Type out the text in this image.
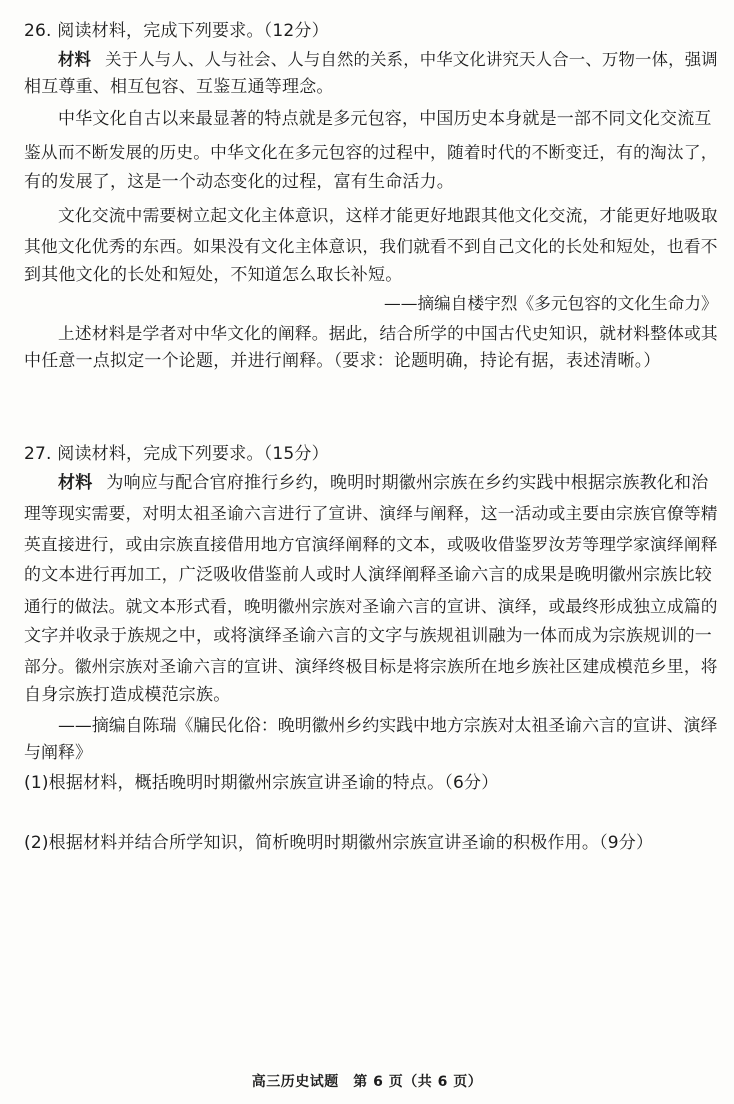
26. 阅读材料，完成下列要求。（12分）
材料 关于人与人、人与社会、人与自然的关系，中华文化讲究天人合一、万物一体，强调
相互尊重、相互包容、互鉴互通等理念。
中华文化自古以来最显著的特点就是多元包容，中国历史本身就是一部不同文化交流互
鉴从而不断发展的历史。中华文化在多元包容的过程中，随着时代的不断变迁，有的淘汰了，
有的发展了，这是一个动态变化的过程，富有生命活力。
文化交流中需要树立起文化主体意识，这样才能更好地跟其他文化交流，才能更好地吸取
其他文化优秀的东西。如果没有文化主体意识，我们就看不到自己文化的长处和短处，也看不
到其他文化的长处和短处，不知道怎么取长补短。
——摘编自楼宇烈《多元包容的文化生命力》
上述材料是学者对中华文化的阐释。据此，结合所学的中国古代史知识，就材料整体或其
中任意一点拟定一个论题，并进行阐释。（要求：论题明确，持论有据，表述清晰。）
27. 阅读材料，完成下列要求。（15分）
材料 为响应与配合官府推行乡约，晚明时期徽州宗族在乡约实践中根据宗族教化和治
理等现实需要，对明太祖圣谕六言进行了宣讲、演绎与阐释，这一活动或主要由宗族官僚等精
英直接进行，或由宗族直接借用地方官演绎阐释的文本，或吸收借鉴罗汝芳等理学家演绎阐释
的文本进行再加工，广泛吸收借鉴前人或时人演绎阐释圣谕六言的成果是晚明徽州宗族比较
通行的做法。就文本形式看，晚明徽州宗族对圣谕六言的宣讲、演绎，或最终形成独立成篇的
文字并收录于族规之中，或将演绎圣谕六言的文字与族规祖训融为一体而成为宗族规训的一
部分。徽州宗族对圣谕六言的宣讲、演绎终极目标是将宗族所在地乡族社区建成模范乡里，将
自身宗族打造成模范宗族。
——摘编自陈瑞《牖民化俗：晚明徽州乡约实践中地方宗族对太祖圣谕六言的宣讲、演绎
与阐释》
(1)根据材料，概括晚明时期徽州宗族宣讲圣谕的特点。（6分）
(2)根据材料并结合所学知识，简析晚明时期徽州宗族宣讲圣谕的积极作用。（9分）
高三历史试题　第 6 页（共 6 页）
